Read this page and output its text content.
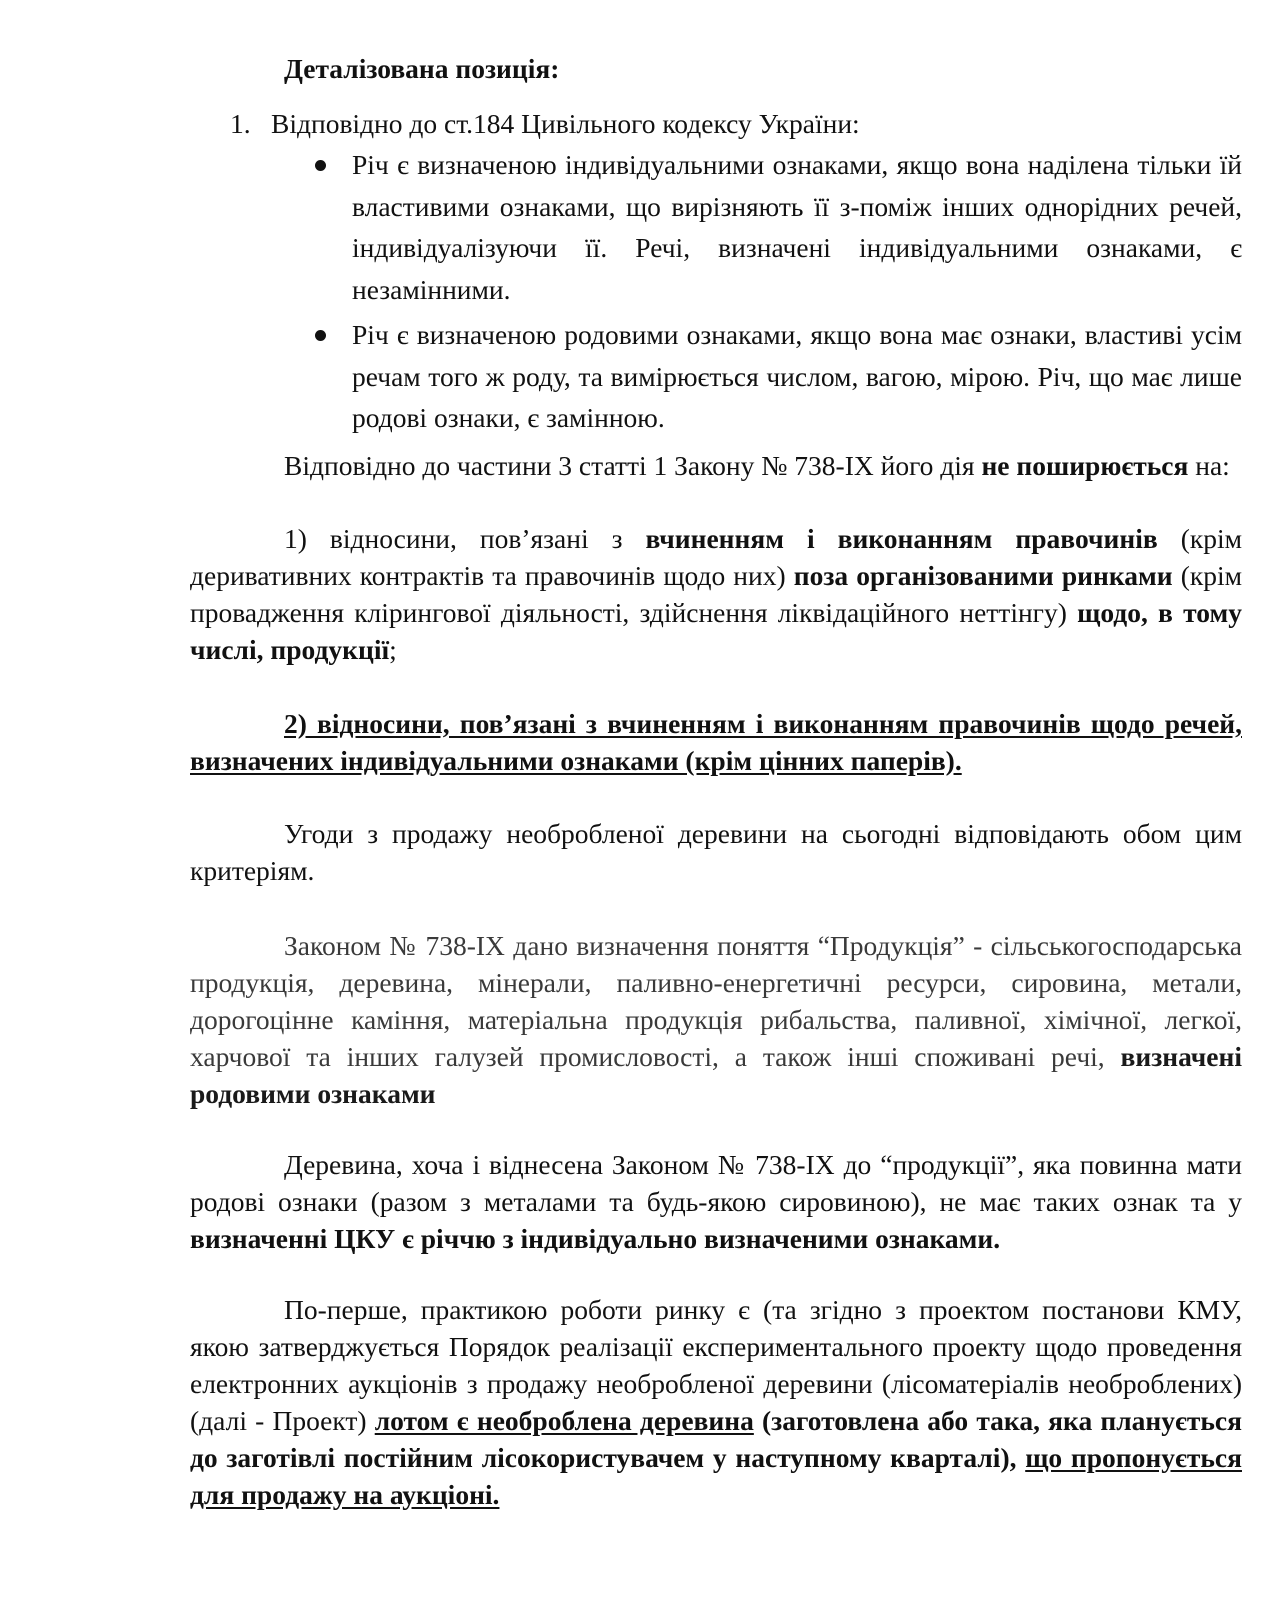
Деталізована позиція:
1. Відповідно до ст.184 Цивільного кодексу України:
Річ є визначеною індивідуальними ознаками, якщо вона наділена тільки їй властивими ознаками, що вирізняють її з-поміж інших однорідних речей, індивідуалізуючи її. Речі, визначені індивідуальними ознаками, є незамінними.
Річ є визначеною родовими ознаками, якщо вона має ознаки, властиві усім речам того ж роду, та вимірюється числом, вагою, мірою. Річ, що має лише родові ознаки, є замінною.

Відповідно до частини 3 статті 1 Закону № 738-IX його дія не поширюється на:

1) відносини, пов’язані з вчиненням і виконанням правочинів (крім деривативних контрактів та правочинів щодо них) поза організованими ринками (крім провадження клірингової діяльності, здійснення ліквідаційного неттінгу) щодо, в тому числі, продукції;

2) відносини, пов’язані з вчиненням і виконанням правочинів щодо речей, визначених індивідуальними ознаками (крім цінних паперів).

Угоди з продажу необробленої деревини на сьогодні відповідають обом цим критеріям.

Законом № 738-IX дано визначення поняття “Продукція” - сільськогосподарська продукція, деревина, мінерали, паливно-енергетичні ресурси, сировина, метали, дорогоцінне каміння, матеріальна продукція рибальства, паливної, хімічної, легкої, харчової та інших галузей промисловості, а також інші споживані речі, визначені родовими ознаками

Деревина, хоча і віднесена Законом № 738-IX до “продукції”, яка повинна мати родові ознаки (разом з металами та будь-якою сировиною), не має таких ознак та у визначенні ЦКУ є річчю з індивідуально визначеними ознаками.

По-перше, практикою роботи ринку є (та згідно з проектом постанови КМУ, якою затверджується Порядок реалізації експериментального проекту щодо проведення електронних аукціонів з продажу необробленої деревини (лісоматеріалів необроблених) (далі - Проект) лотом є необроблена деревина (заготовлена або така, яка планується до заготівлі постійним лісокористувачем у наступному кварталі), що пропонується для продажу на аукціоні.
